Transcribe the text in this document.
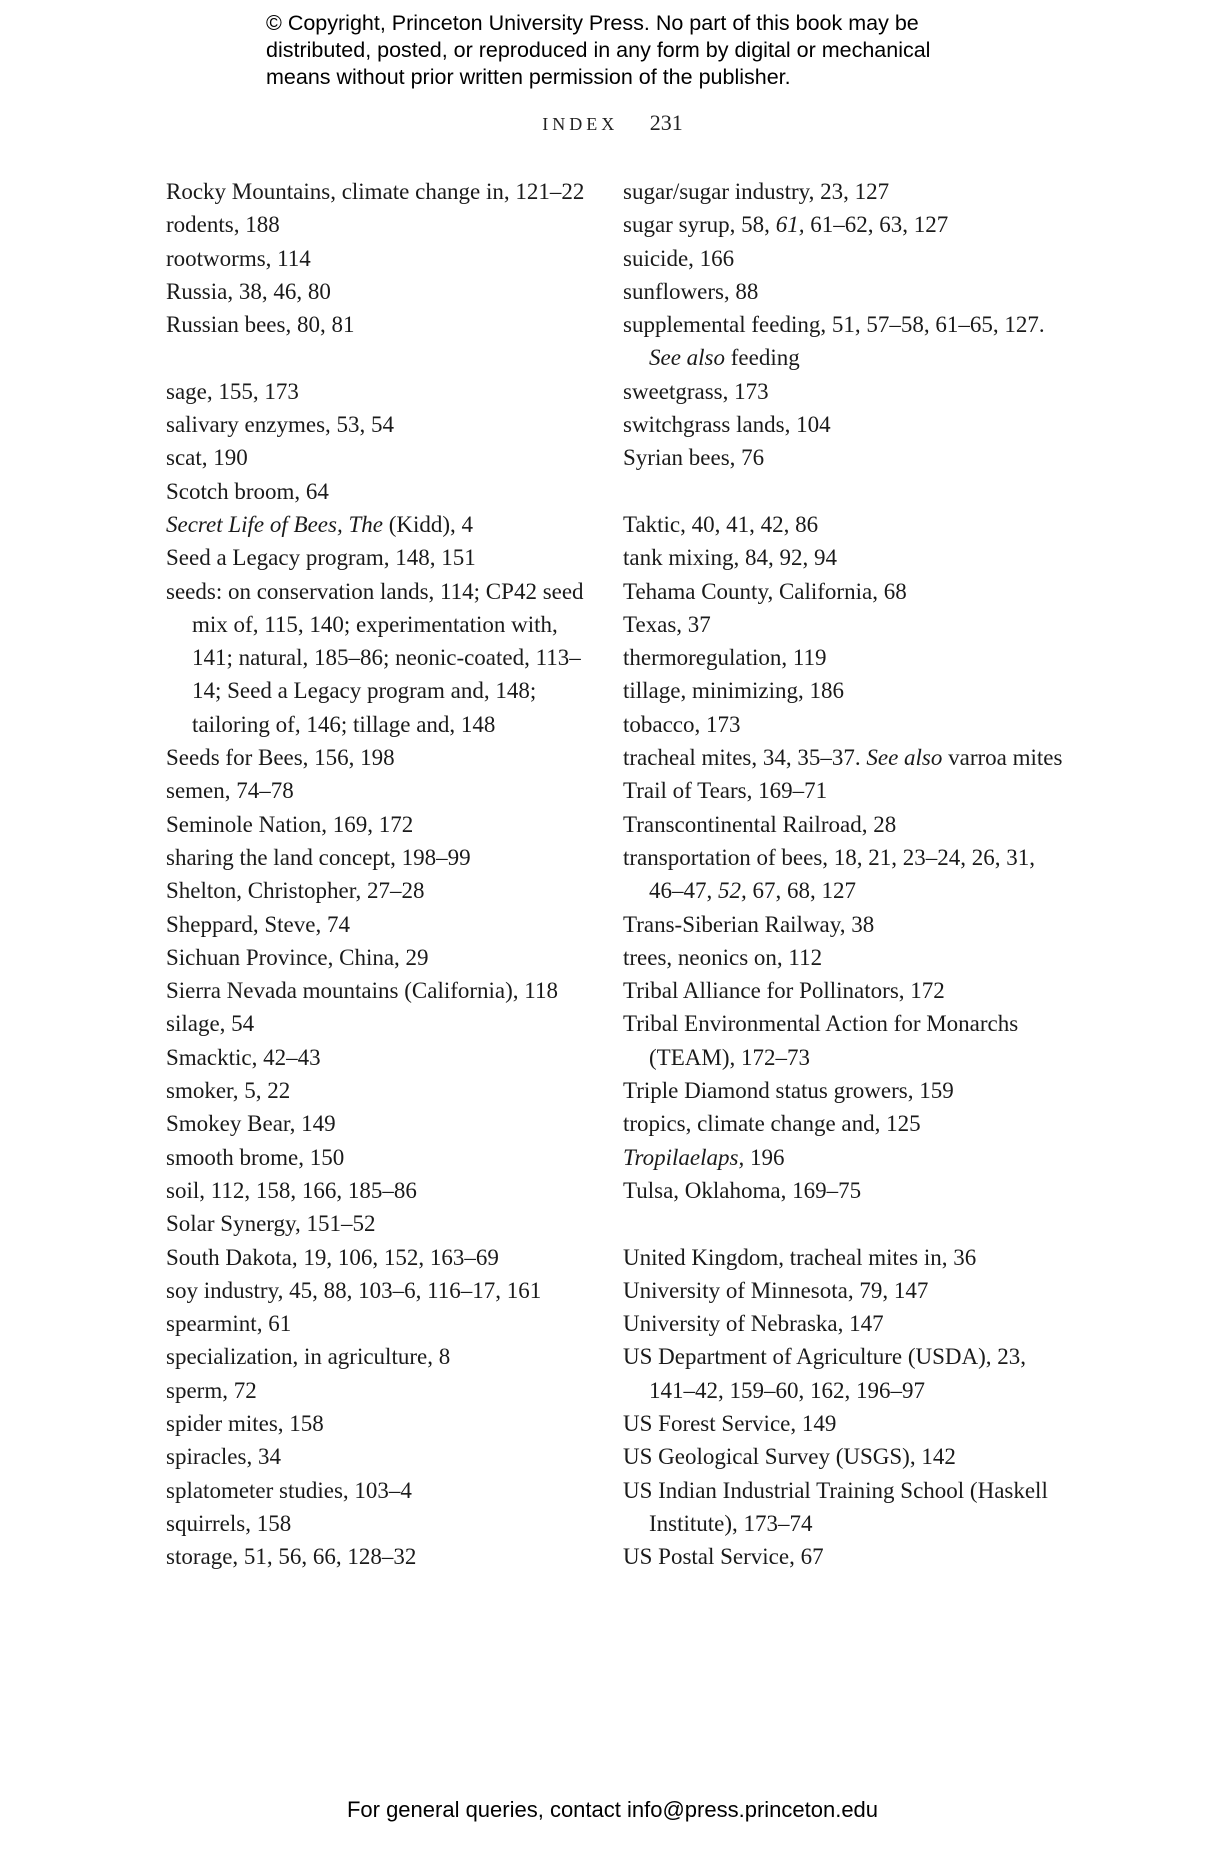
© Copyright, Princeton University Press. No part of this book may be
distributed, posted, or reproduced in any form by digital or mechanical
means without prior written permission of the publisher.
INDEX 231
Rocky Mountains, climate change in, 121–22
rodents, 188
rootworms, 114
Russia, 38, 46, 80
Russian bees, 80, 81
sage, 155, 173
salivary enzymes, 53, 54
scat, 190
Scotch broom, 64
Secret Life of Bees, The (Kidd), 4
Seed a Legacy program, 148, 151
seeds: on conservation lands, 114; CP42 seed mix of, 115, 140; experimentation with, 141; natural, 185–86; neonic-coated, 113–14; Seed a Legacy program and, 148; tailoring of, 146; tillage and, 148
Seeds for Bees, 156, 198
semen, 74–78
Seminole Nation, 169, 172
sharing the land concept, 198–99
Shelton, Christopher, 27–28
Sheppard, Steve, 74
Sichuan Province, China, 29
Sierra Nevada mountains (California), 118
silage, 54
Smacktic, 42–43
smoker, 5, 22
Smokey Bear, 149
smooth brome, 150
soil, 112, 158, 166, 185–86
Solar Synergy, 151–52
South Dakota, 19, 106, 152, 163–69
soy industry, 45, 88, 103–6, 116–17, 161
spearmint, 61
specialization, in agriculture, 8
sperm, 72
spider mites, 158
spiracles, 34
splatometer studies, 103–4
squirrels, 158
storage, 51, 56, 66, 128–32
sugar/sugar industry, 23, 127
sugar syrup, 58, 61, 61–62, 63, 127
suicide, 166
sunflowers, 88
supplemental feeding, 51, 57–58, 61–65, 127. See also feeding
sweetgrass, 173
switchgrass lands, 104
Syrian bees, 76
Taktic, 40, 41, 42, 86
tank mixing, 84, 92, 94
Tehama County, California, 68
Texas, 37
thermoregulation, 119
tillage, minimizing, 186
tobacco, 173
tracheal mites, 34, 35–37. See also varroa mites
Trail of Tears, 169–71
Transcontinental Railroad, 28
transportation of bees, 18, 21, 23–24, 26, 31, 46–47, 52, 67, 68, 127
Trans-Siberian Railway, 38
trees, neonics on, 112
Tribal Alliance for Pollinators, 172
Tribal Environmental Action for Monarchs (TEAM), 172–73
Triple Diamond status growers, 159
tropics, climate change and, 125
Tropilaelaps, 196
Tulsa, Oklahoma, 169–75
United Kingdom, tracheal mites in, 36
University of Minnesota, 79, 147
University of Nebraska, 147
US Department of Agriculture (USDA), 23, 141–42, 159–60, 162, 196–97
US Forest Service, 149
US Geological Survey (USGS), 142
US Indian Industrial Training School (Haskell Institute), 173–74
US Postal Service, 67
For general queries, contact info@press.princeton.edu
